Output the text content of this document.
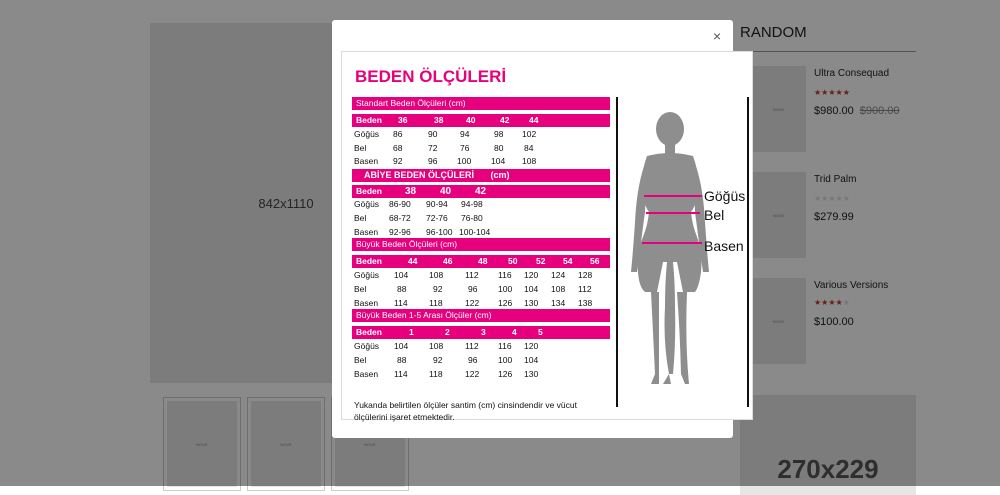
842x1110
NOVE	NOVE	NOVE
270x229
RANDOM
NOVE
Ultra Consequad
★★★★★
$980.00 $900.00
NOVE
Trid Palm
★★★★★
$279.99
NOVE
Various Versions
★★★★★
$100.00
×
BEDEN ÖLÇÜLERİ
Standart Beden Ölçüleri (cm)
Beden 36	38	40	42 44
Göğüs 86	90	94	98 102
Bel	68	72	76	80 84
Basen 92	96 100 104 108
ABİYE BEDEN ÖLÇÜLERİ (cm)
Beden 38 40 42
Göğüs 86-90 90-94 94-98
Bel	68-72 72-76 76-80
Basen 92-96 96-100 100-104
Büyük Beden Ölçüleri (cm)
Beden	44	46	48 50 52 54 56
Göğüs 104 108	112 116 120 124 128
Bel	88	92	96 100 104 108 112
Basen 114	118	122 126 130 134 138
Büyük Beden 1-5 Arası Ölçüler (cm)
Beden	1	2	3	4	5
Göğüs 104 108	112 116 120
Bel	88	92	96 100 104
Basen 114	118	122 126 130
Yukanda belirtilen ölçüler santim (cm) cinsindendir ve vücut ölçülerini işaret etmektedir.
Göğüs
Bel
Basen
